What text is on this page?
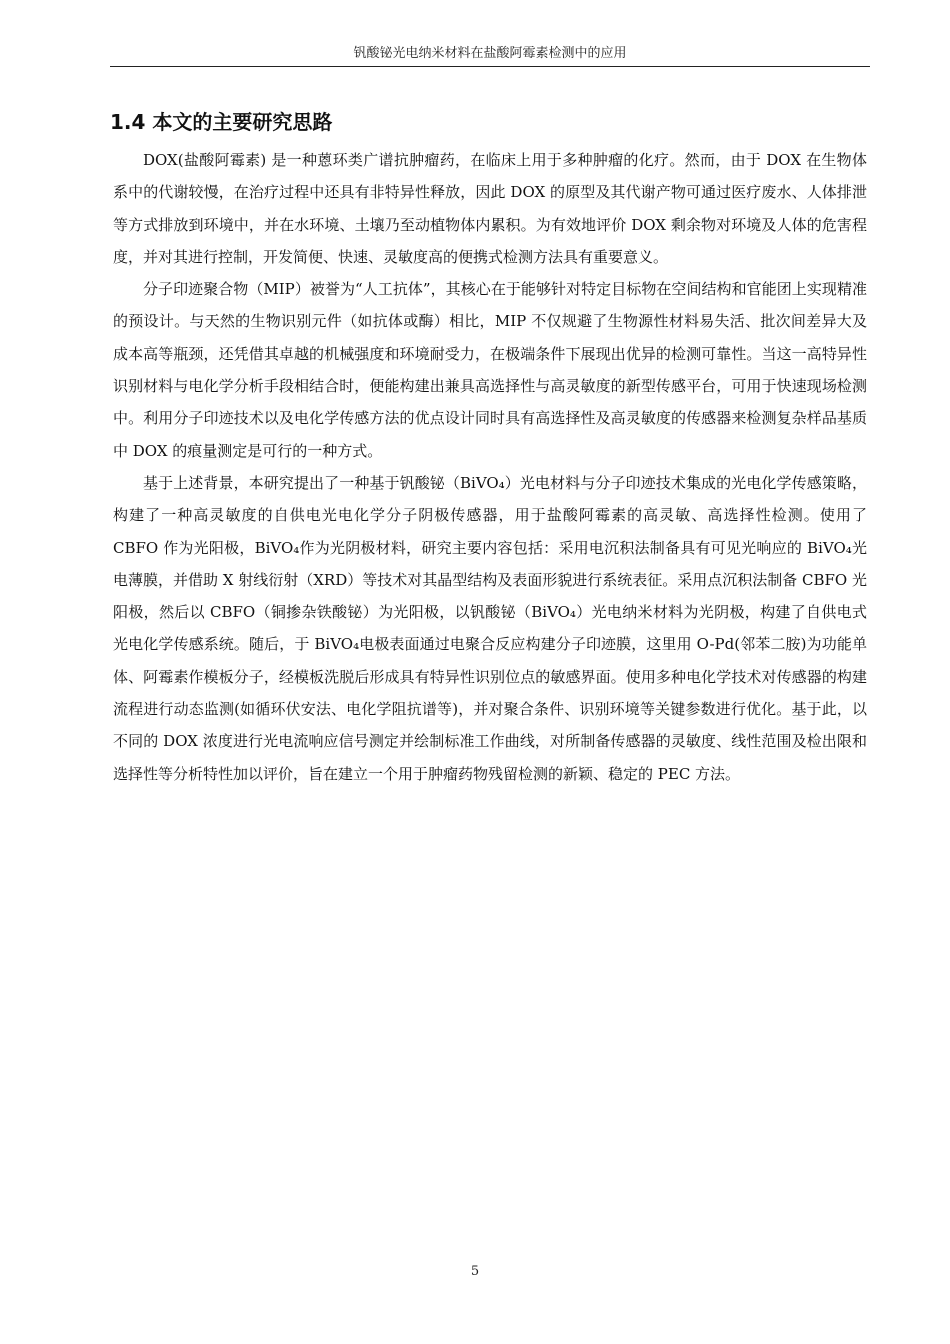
钒酸铋光电纳米材料在盐酸阿霉素检测中的应用
1.4 本文的主要研究思路

DOX(盐酸阿霉素) 是一种蒽环类广谱抗肿瘤药，在临床上用于多种肿瘤的化疗。然而，由于 DOX 在生物体系中的代谢较慢，在治疗过程中还具有非特异性释放，因此 DOX 的原型及其代谢产物可通过医疗废水、人体排泄等方式排放到环境中，并在水环境、土壤乃至动植物体内累积。为有效地评价 DOX 剩余物对环境及人体的危害程度，并对其进行控制，开发简便、快速、灵敏度高的便携式检测方法具有重要意义。

分子印迹聚合物（MIP）被誉为“人工抗体”，其核心在于能够针对特定目标物在空间结构和官能团上实现精准的预设计。与天然的生物识别元件（如抗体或酶）相比，MIP 不仅规避了生物源性材料易失活、批次间差异大及成本高等瓶颈，还凭借其卓越的机械强度和环境耐受力，在极端条件下展现出优异的检测可靠性。当这一高特异性识别材料与电化学分析手段相结合时，便能构建出兼具高选择性与高灵敏度的新型传感平台，可用于快速现场检测中。利用分子印迹技术以及电化学传感方法的优点设计同时具有高选择性及高灵敏度的传感器来检测复杂样品基质中 DOX 的痕量测定是可行的一种方式。

基于上述背景，本研究提出了一种基于钒酸铋（BiVO₄）光电材料与分子印迹技术集成的光电化学传感策略，构建了一种高灵敏度的自供电光电化学分子阴极传感器，用于盐酸阿霉素的高灵敏、高选择性检测。使用了 CBFO 作为光阳极，BiVO₄作为光阴极材料，研究主要内容包括：采用电沉积法制备具有可见光响应的 BiVO₄光电薄膜，并借助 X 射线衍射（XRD）等技术对其晶型结构及表面形貌进行系统表征。采用点沉积法制备 CBFO 光阳极，然后以 CBFO（铜掺杂铁酸铋）为光阳极，以钒酸铋（BiVO₄）光电纳米材料为光阴极，构建了自供电式光电化学传感系统。随后，于 BiVO₄电极表面通过电聚合反应构建分子印迹膜，这里用 O-Pd(邻苯二胺)为功能单体、阿霉素作模板分子，经模板洗脱后形成具有特异性识别位点的敏感界面。使用多种电化学技术对传感器的构建流程进行动态监测(如循环伏安法、电化学阻抗谱等)，并对聚合条件、识别环境等关键参数进行优化。基于此，以不同的 DOX 浓度进行光电流响应信号测定并绘制标准工作曲线，对所制备传感器的灵敏度、线性范围及检出限和选择性等分析特性加以评价，旨在建立一个用于肿瘤药物残留检测的新颖、稳定的 PEC 方法。

5
